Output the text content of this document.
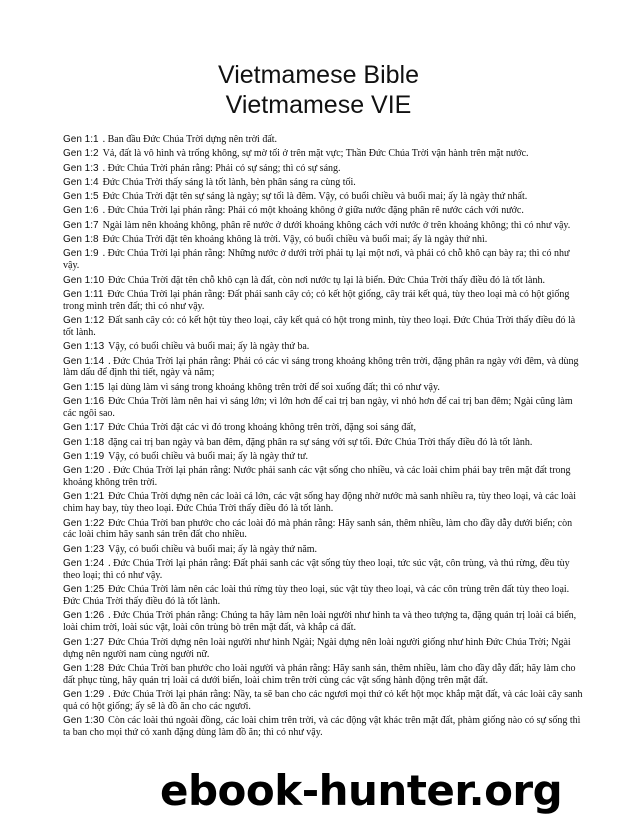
Vietmamese Bible
Vietmamese VIE
Gen 1:1 . Ban đầu Đức Chúa Trời dựng nên trời đất.
Gen 1:2 Vả, đất là vô hình và trống không, sự mờ tối ở trên mặt vực; Thần Đức Chúa Trời vận hành trên mặt nước.
Gen 1:3 . Đức Chúa Trời phán rằng: Phải có sự sáng; thì có sự sáng.
Gen 1:4 Đức Chúa Trời thấy sáng là tốt lành, bèn phân sáng ra cùng tối.
Gen 1:5 Đức Chúa Trời đặt tên sự sáng là ngày; sự tối là đêm. Vậy, có buổi chiều và buổi mai; ấy là ngày thứ nhất.
Gen 1:6 . Đức Chúa Trời lại phán rằng: Phải có một khoảng không ở giữa nước đặng phân rẽ nước cách với nước.
Gen 1:7 Ngài làm nên khoảng không, phân rẽ nước ở dưới khoảng không cách với nước ở trên khoảng không; thì có như vậy.
Gen 1:8 Đức Chúa Trời đặt tên khoảng không là trời. Vậy, có buổi chiều và buổi mai; ấy là ngày thứ nhì.
Gen 1:9 . Đức Chúa Trời lại phán rằng: Những nước ở dưới trời phải tụ lại một nơi, và phải có chỗ khô cạn bày ra; thì có như vậy.
Gen 1:10 Đức Chúa Trời đặt tên chỗ khô cạn là đất, còn nơi nước tụ lại là biển. Đức Chúa Trời thấy điều đó là tốt lành.
Gen 1:11 Đức Chúa Trời lại phán rằng: Đất phải sanh cây cỏ; cỏ kết hột giống, cây trái kết quả, tùy theo loại mà có hột giống trong mình trên đất; thì có như vậy.
Gen 1:12 Đất sanh cây cỏ: cỏ kết hột tùy theo loại, cây kết quả có hột trong mình, tùy theo loại. Đức Chúa Trời thấy điều đó là tốt lành.
Gen 1:13 Vậy, có buổi chiều và buổi mai; ấy là ngày thứ ba.
Gen 1:14 . Đức Chúa Trời lại phán rằng: Phải có các vì sáng trong khoảng không trên trời, đặng phân ra ngày với đêm, và dùng làm dấu để định thì tiết, ngày và năm;
Gen 1:15 lại dùng làm vì sáng trong khoảng không trên trời để soi xuống đất; thì có như vậy.
Gen 1:16 Đức Chúa Trời làm nên hai vì sáng lớn; vì lớn hơn để cai trị ban ngày, vì nhỏ hơn để cai trị ban đêm; Ngài cũng làm các ngôi sao.
Gen 1:17 Đức Chúa Trời đặt các vì đó trong khoảng không trên trời, đặng soi sáng đất,
Gen 1:18 đặng cai trị ban ngày và ban đêm, đặng phân ra sự sáng với sự tối. Đức Chúa Trời thấy điều đó là tốt lành.
Gen 1:19 Vậy, có buổi chiều và buổi mai; ấy là ngày thứ tư.
Gen 1:20 . Đức Chúa Trời lại phán rằng: Nước phải sanh các vật sống cho nhiều, và các loài chim phải bay trên mặt đất trong khoảng không trên trời.
Gen 1:21 Đức Chúa Trời dựng nên các loài cá lớn, các vật sống hay động nhờ nước mà sanh nhiều ra, tùy theo loại, và các loài chim hay bay, tùy theo loại. Đức Chúa Trời thấy điều đó là tốt lành.
Gen 1:22 Đức Chúa Trời ban phước cho các loài đó mà phán rằng: Hãy sanh sản, thêm nhiều, làm cho đầy dẫy dưới biển; còn các loài chim hãy sanh sản trên đất cho nhiều.
Gen 1:23 Vậy, có buổi chiều và buổi mai; ấy là ngày thứ năm.
Gen 1:24 . Đức Chúa Trời lại phán rằng: Đất phải sanh các vật sống tùy theo loại, tức súc vật, côn trùng, và thú rừng, đều tùy theo loại; thì có như vậy.
Gen 1:25 Đức Chúa Trời làm nên các loài thú rừng tùy theo loại, súc vật tùy theo loại, và các côn trùng trên đất tùy theo loại. Đức Chúa Trời thấy điều đó là tốt lành.
Gen 1:26 . Đức Chúa Trời phán rằng: Chúng ta hãy làm nên loài người như hình ta và theo tượng ta, đặng quản trị loài cá biển, loài chim trời, loài súc vật, loài côn trùng bò trên mặt đất, và khắp cả đất.
Gen 1:27 Đức Chúa Trời dựng nên loài người như hình Ngài; Ngài dựng nên loài người giống như hình Đức Chúa Trời; Ngài dựng nên người nam cùng người nữ.
Gen 1:28 Đức Chúa Trời ban phước cho loài người và phán rằng: Hãy sanh sản, thêm nhiều, làm cho đầy dẫy đất; hãy làm cho đất phục tùng, hãy quản trị loài cá dưới biển, loài chim trên trời cùng các vật sống hành động trên mặt đất.
Gen 1:29 . Đức Chúa Trời lại phán rằng: Nầy, ta sẽ ban cho các ngươi mọi thứ cỏ kết hột mọc khắp mặt đất, và các loài cây sanh quả có hột giống; ấy sẽ là đồ ăn cho các ngươi.
Gen 1:30 Còn các loài thú ngoài đồng, các loài chim trên trời, và các động vật khác trên mặt đất, phàm giống nào có sự sống thì ta ban cho mọi thứ cỏ xanh đặng dùng làm đồ ăn; thì có như vậy.
ebook-hunter.org
